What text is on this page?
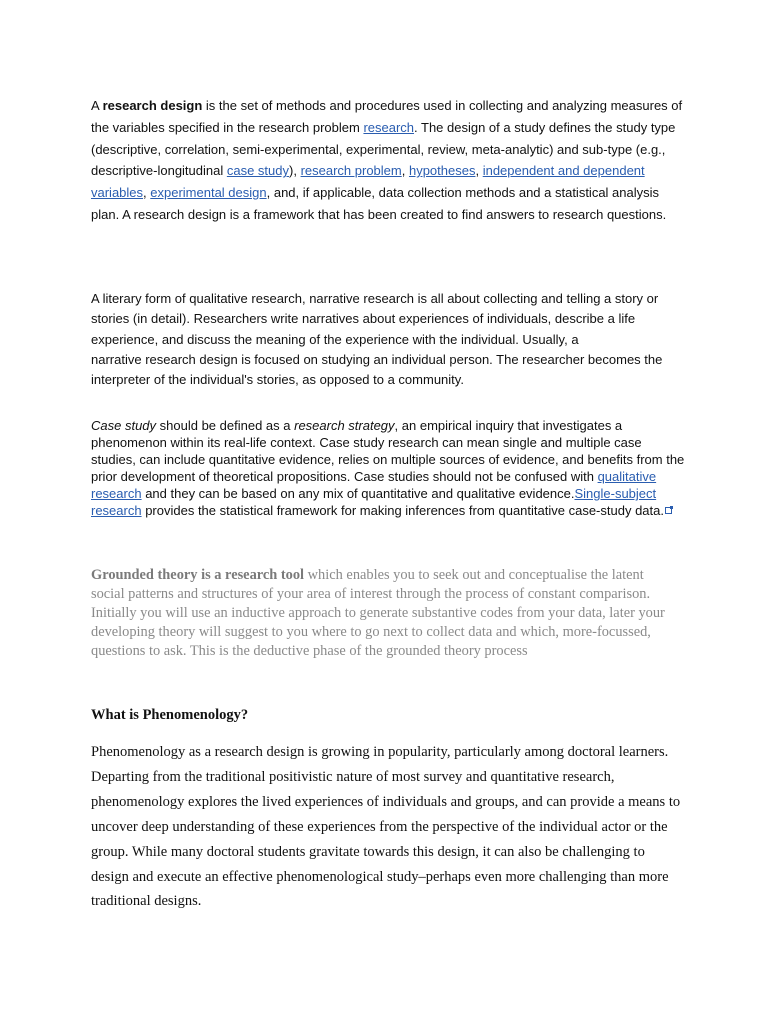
A research design is the set of methods and procedures used in collecting and analyzing measures of the variables specified in the research problem research. The design of a study defines the study type (descriptive, correlation, semi-experimental, experimental, review, meta-analytic) and sub-type (e.g., descriptive-longitudinal case study), research problem, hypotheses, independent and dependent variables, experimental design, and, if applicable, data collection methods and a statistical analysis plan. A research design is a framework that has been created to find answers to research questions.

A literary form of qualitative research, narrative research is all about collecting and telling a story or stories (in detail). Researchers write narratives about experiences of individuals, describe a life experience, and discuss the meaning of the experience with the individual. Usually, a
narrative research design is focused on studying an individual person. The researcher becomes the interpreter of the individual's stories, as opposed to a community.

Case study should be defined as a research strategy, an empirical inquiry that investigates a phenomenon within its real-life context. Case study research can mean single and multiple case studies, can include quantitative evidence, relies on multiple sources of evidence, and benefits from the prior development of theoretical propositions. Case studies should not be confused with qualitative research and they can be based on any mix of quantitative and qualitative evidence.Single-subject research provides the statistical framework for making inferences from quantitative case-study data.

Grounded theory is a research tool which enables you to seek out and conceptualise the latent social patterns and structures of your area of interest through the process of constant comparison. Initially you will use an inductive approach to generate substantive codes from your data, later your developing theory will suggest to you where to go next to collect data and which, more-focussed, questions to ask. This is the deductive phase of the grounded theory process

What is Phenomenology?

Phenomenology as a research design is growing in popularity, particularly among doctoral learners. Departing from the traditional positivistic nature of most survey and quantitative research, phenomenology explores the lived experiences of individuals and groups, and can provide a means to uncover deep understanding of these experiences from the perspective of the individual actor or the group. While many doctoral students gravitate towards this design, it can also be challenging to design and execute an effective phenomenological study–perhaps even more challenging than more traditional designs.
